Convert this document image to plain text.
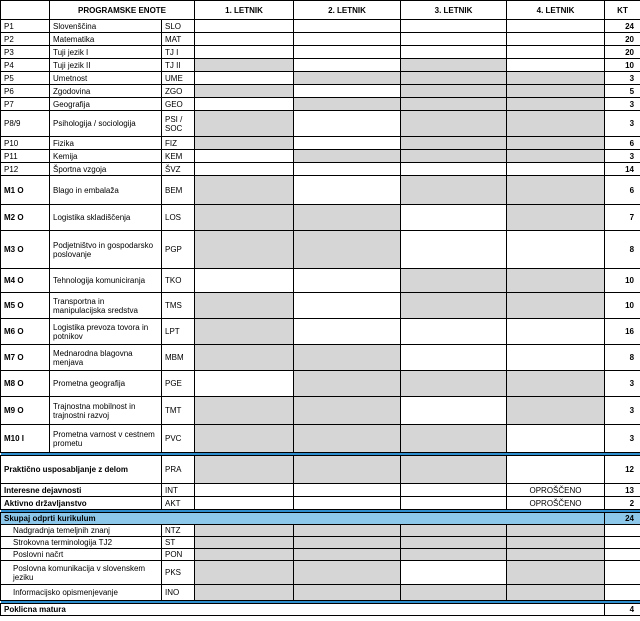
	PROGRAMSKE ENOTE		1. LETNIK	2. LETNIK	3. LETNIK	4. LETNIK	KT
P1	Slovenščina	SLO					24
P2	Matematika	MAT					20
P3	Tuji jezik I	TJ I					20
P4	Tuji jezik II	TJ II					10
P5	Umetnost	UME					3
P6	Zgodovina	ZGO					5
P7	Geografija	GEO					3
P8/9	Psihologija / sociologija	PSI / SOC					3
P10	Fizika	FIZ					6
P11	Kemija	KEM					3
P12	Športna vzgoja	ŠVZ					14
M1 O	Blago in embalaža	BEM					6
M2 O	Logistika skladiščenja	LOS					7
M3 O	Podjetništvo in gospodarsko poslovanje	PGP					8
M4 O	Tehnologija komuniciranja	TKO					10
M5 O	Transportna in manipulacijska sredstva	TMS					10
M6 O	Logistika prevoza tovora in potnikov	LPT					16
M7 O	Mednarodna blagovna menjava	MBM					8
M8 O	Prometna geografija	PGE					3
M9 O	Trajnostna mobilnost in trajnostni razvoj	TMT					3
M10 I	Prometna varnost v cestnem prometu	PVC					3

Praktično usposabljanje z delom		PRA					12
Interesne dejavnosti		INT				OPROŠČENO	13
Aktivno državljanstvo		AKT				OPROŠČENO	2

Skupaj odprti kurikulum							24
Nadgradnja temeljnih znanj		NTZ					
Strokovna terminologija TJ2		ST					
Poslovni načrt		PON					
Poslovna komunikacija v slovenskem jeziku		PKS					
Informacijsko opismenjevanje		INO					

Poklicna matura							4
